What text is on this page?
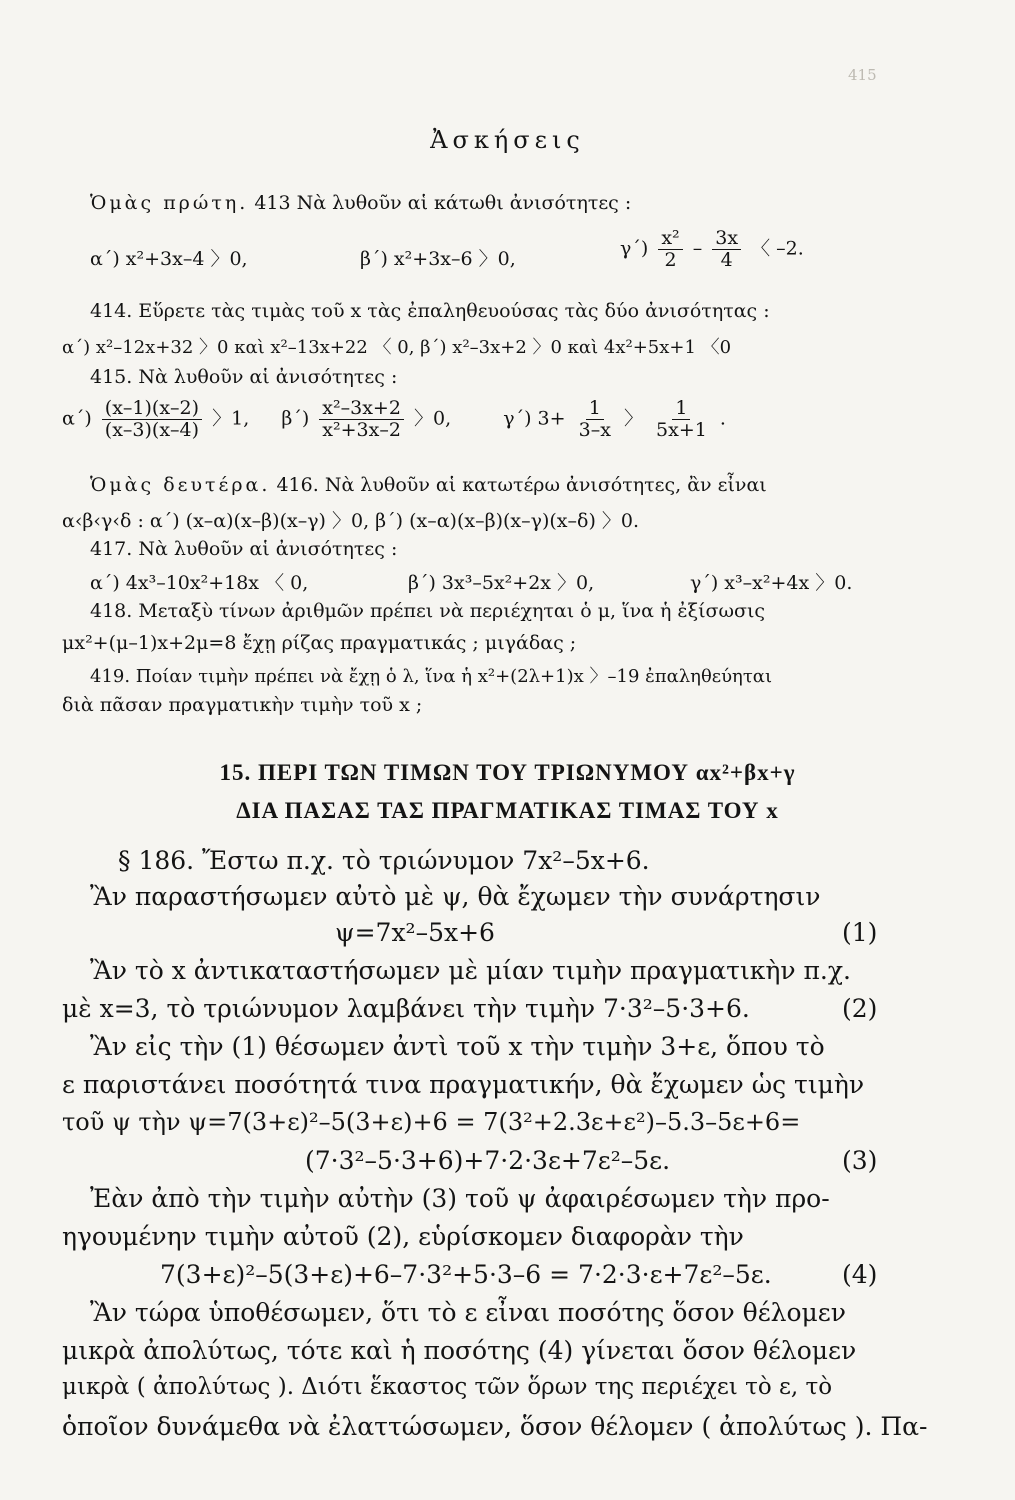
415
Ἀσκήσεις
Ὁμὰς πρώτη. 413 Νὰ λυθοῦν αἱ κάτωθι ἀνισότητες :
α΄) x²+3x–4 〉0,	β΄) x²+3x–6 〉0,	$\gamma΄) \frac{\text{x²}}{2} - \frac{3x}{4}$ 〈 –2.
414. Εὕρετε τὰς τιμὰς τοῦ x τὰς ἐπαληθευούσας τὰς δύο ἀνισότητας :
α΄) x²–12x+32 〉0 καὶ x²–13x+22 〈 0, β΄) x²–3x+2 〉0 καὶ 4x²+5x+1 〈0
415. Νὰ λυθοῦν αἱ ἀνισότητες :
$\alpha΄) \frac{(x-1)(x-2)}{(x-3)(x-4)}$ 〉1, $\beta΄) \frac{\text{x²–3x+2}}{\text{x²+3x–2}}$ 〉0,	γ΄) $3+ \frac{1}{3-x}$ 〉 $\frac{1}{5x+1}$ .
Ὁμὰς δευτέρα. 416. Νὰ λυθοῦν αἱ κατωτέρω ἀνισότητες, ἂν εἶναι
α‹β‹γ‹δ : α΄) (x–α)(x–β)(x–γ) 〉0, β΄) (x–α)(x–β)(x–γ)(x–δ) 〉0.
417. Νὰ λυθοῦν αἱ ἀνισότητες :
α΄) 4x³–10x²+18x 〈 0,	β΄) 3x³–5x²+2x 〉0,	γ΄) x³–x²+4x 〉0.
418. Μεταξὺ τίνων ἀριθμῶν πρέπει νὰ περιέχηται ὁ μ, ἵνα ἡ ἐξίσωσις
μx²+(μ–1)x+2μ=8 ἔχῃ ρίζας πραγματικάς ; μιγάδας ;
419. Ποίαν τιμὴν πρέπει νὰ ἔχῃ ὁ λ, ἵνα ἡ x²+(2λ+1)x 〉–19 ἐπαληθεύηται
διὰ πᾶσαν πραγματικὴν τιμὴν τοῦ x ;
15. ΠΕΡΙ ΤΩΝ ΤΙΜΩΝ ΤΟΥ ΤΡΙΩΝΥΜΟΥ αx²+βx+γ
ΔΙΑ ΠΑΣΑΣ ΤΑΣ ΠΡΑΓΜΑΤΙΚΑΣ ΤΙΜΑΣ ΤΟΥ x
§ 186. Ἔστω π.χ. τὸ τριώνυμον 7x²–5x+6.
Ἂν παραστήσωμεν αὐτὸ μὲ ψ, θὰ ἔχωμεν τὴν συνάρτησιν
ψ=7x²–5x+6	(1)
Ἂν τὸ x ἀντικαταστήσωμεν μὲ μίαν τιμὴν πραγματικὴν π.χ.
μὲ x=3, τὸ τριώνυμον λαμβάνει τὴν τιμὴν 7·3²–5·3+6.	(2)
Ἂν εἰς τὴν (1) θέσωμεν ἀντὶ τοῦ x τὴν τιμὴν 3+ε, ὅπου τὸ
ε παριστάνει ποσότητά τινα πραγματικήν, θὰ ἔχωμεν ὡς τιμὴν
τοῦ ψ τὴν ψ=7(3+ε)²–5(3+ε)+6 = 7(3²+2.3ε+ε²)–5.3–5ε+6=
(7·3²–5·3+6)+7·2·3ε+7ε²–5ε.	(3)
Ἐὰν ἀπὸ τὴν τιμὴν αὐτὴν (3) τοῦ ψ ἀφαιρέσωμεν τὴν προ-
ηγουμένην τιμὴν αὐτοῦ (2), εὑρίσκομεν διαφορὰν τὴν
7(3+ε)²–5(3+ε)+6–7·3²+5·3–6 = 7·2·3·ε+7ε²–5ε.	(4)
Ἂν τώρα ὑποθέσωμεν, ὅτι τὸ ε εἶναι ποσότης ὅσον θέλομεν
μικρὰ ἀπολύτως, τότε καὶ ἡ ποσότης (4) γίνεται ὅσον θέλομεν
μικρὰ ( ἀπολύτως ). Διότι ἕκαστος τῶν ὅρων της περιέχει τὸ ε, τὸ
ὁποῖον δυνάμεθα νὰ ἐλαττώσωμεν, ὅσον θέλομεν ( ἀπολύτως ). Πα-
